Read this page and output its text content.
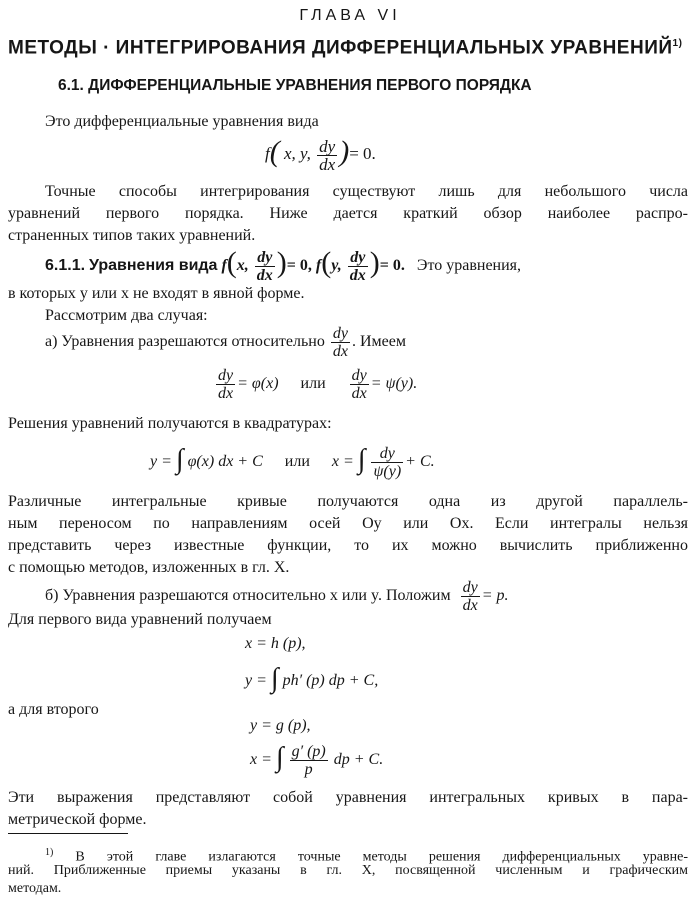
ГЛАВА VI
МЕТОДЫ · ИНТЕГРИРОВАНИЯ ДИФФЕРЕНЦИАЛЬНЫХ УРАВНЕНИЙ$^{1)}$
6.1. ДИФФЕРЕНЦИАЛЬНЫЕ УРАВНЕНИЯ ПЕРВОГО ПОРЯДКА
Это дифференциальные уравнения вида
f( x, y, $\frac{dy}{dx}$ )= 0.
Точные способы интегрирования существуют лишь для небольшого числа
уравнений первого порядка. Ниже дается краткий обзор наиболее распро-
страненных типов таких уравнений.
6.1.1. Уравнения вида f(x, $\frac{dy}{dx}$ )= 0, f(y, $\frac{dy}{dx}$ )= 0. Это уравнения,
в которых y или x не входят в явной форме.
Рассмотрим два случая:
а) Уравнения разрешаются относительно $\frac{dy}{dx}$ . Имеем
$\frac{dy}{dx} = \varphi(x)$ или $\frac{dy}{dx} = \psi(y)$.
Решения уравнений получаются в квадратурах:
y = ∫ φ(x) dx + C или x = ∫ $\frac{dy}{\psi(y)} + C$.
Различные интегральные кривые получаются одна из другой параллель-
ным переносом по направлениям осей Oy или Ox. Если интегралы нельзя
представить через известные функции, то их можно вычислить приближенно
с помощью методов, изложенных в гл. X.
б) Уравнения разрешаются относительно x или y. Положим $\frac{dy}{dx} = p$.
Для первого вида уравнений получаем
x = h (p),
y = ∫ ph′ (p) dp + C,
а для второго
y = g (p),
x = ∫ $\frac{g' (p)}{p}$ dp + C.
Эти выражения представляют собой уравнения интегральных кривых в пара-
метрической форме.
$^{1)}$ В этой главе излагаются точные методы решения дифференциальных уравне-
ний. Приближенные приемы указаны в гл. X, посвященной численным и графическим
методам.
